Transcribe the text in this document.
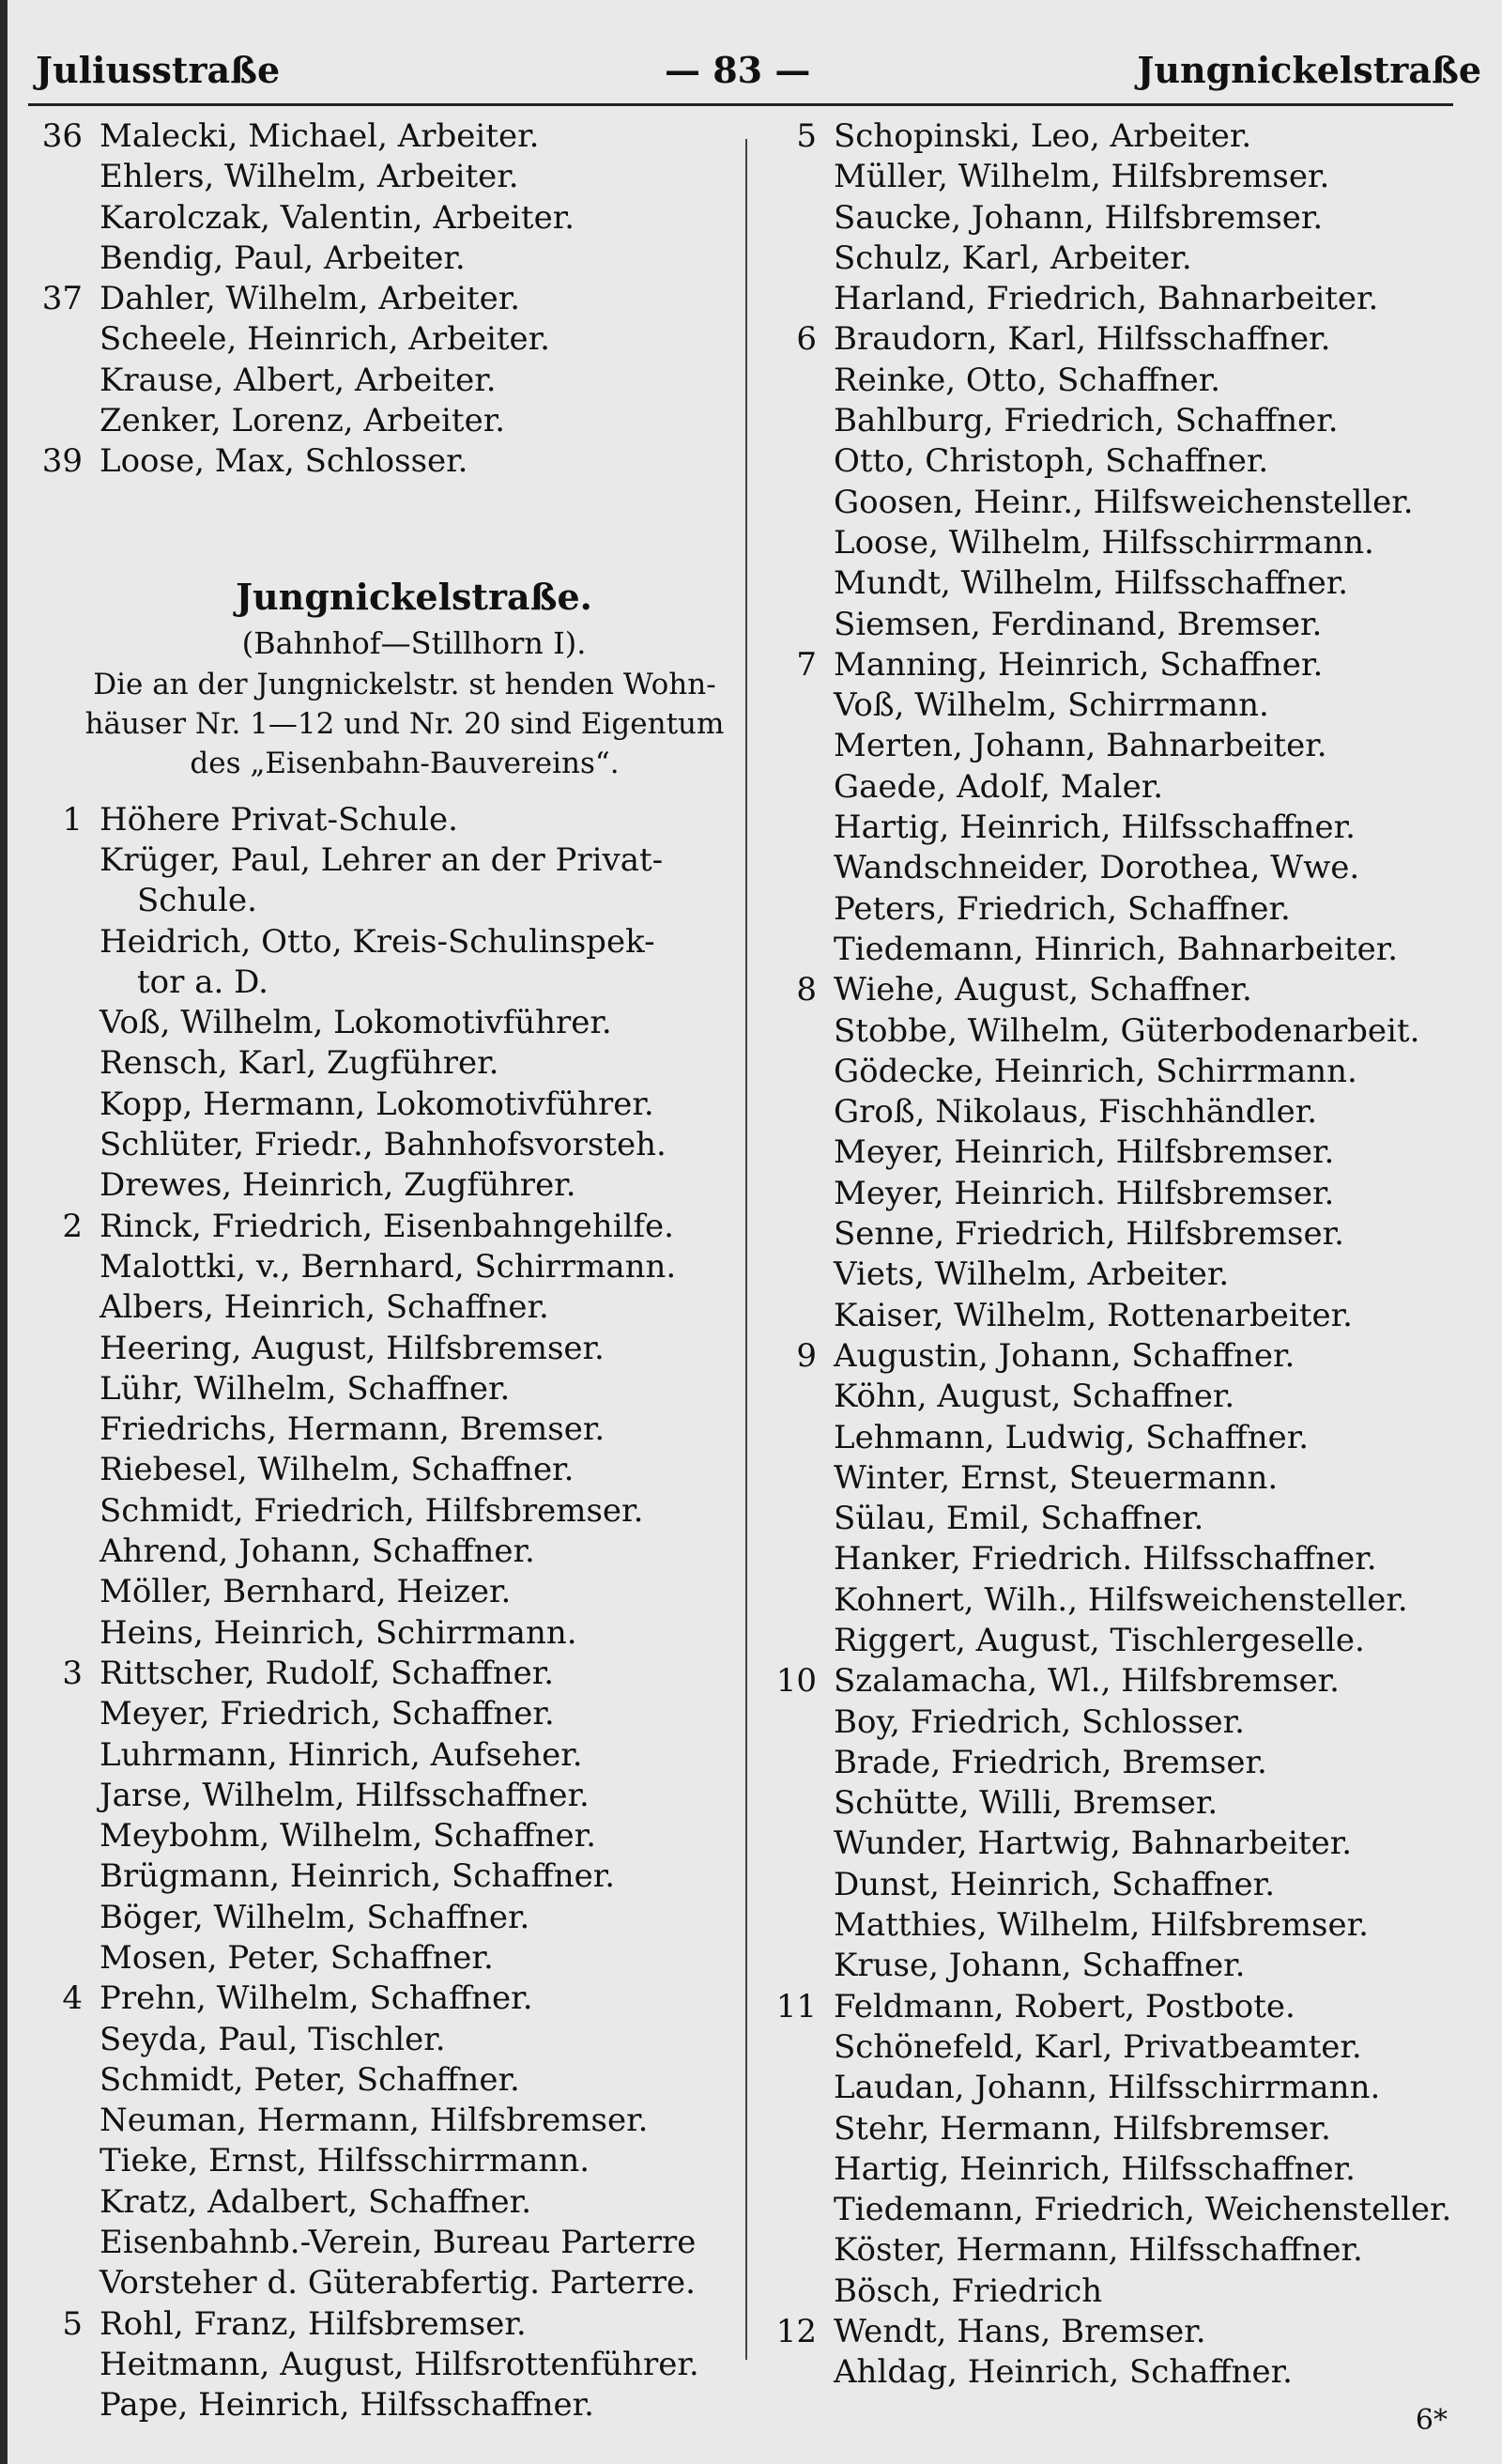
Juliusstraße	— 83 —	Jungnickelstraße
36 Malecki, Michael, Arbeiter.
Ehlers, Wilhelm, Arbeiter.
Karolczak, Valentin, Arbeiter.
Bendig, Paul, Arbeiter.
37 Dahler, Wilhelm, Arbeiter.
Scheele, Heinrich, Arbeiter.
Krause, Albert, Arbeiter.
Zenker, Lorenz, Arbeiter.
39 Loose, Max, Schlosser.
Jungnickelstraße.
(Bahnhof—Stillhorn I).
Die an der Jungnickelstr. st henden Wohn-
häuser Nr. 1—12 und Nr. 20 sind Eigentum
des „Eisenbahn-Bauvereins“.
1 Höhere Privat-Schule.
Krüger, Paul, Lehrer an der Privat-
Schule.
Heidrich, Otto, Kreis-Schulinspek-
tor a. D.
Voß, Wilhelm, Lokomotivführer.
Rensch, Karl, Zugführer.
Kopp, Hermann, Lokomotivführer.
Schlüter, Friedr., Bahnhofsvorsteh.
Drewes, Heinrich, Zugführer.
2 Rinck, Friedrich, Eisenbahngehilfe.
Malottki, v., Bernhard, Schirrmann.
Albers, Heinrich, Schaffner.
Heering, August, Hilfsbremser.
Lühr, Wilhelm, Schaffner.
Friedrichs, Hermann, Bremser.
Riebesel, Wilhelm, Schaffner.
Schmidt, Friedrich, Hilfsbremser.
Ahrend, Johann, Schaffner.
Möller, Bernhard, Heizer.
Heins, Heinrich, Schirrmann.
3 Rittscher, Rudolf, Schaffner.
Meyer, Friedrich, Schaffner.
Luhrmann, Hinrich, Aufseher.
Jarse, Wilhelm, Hilfsschaffner.
Meybohm, Wilhelm, Schaffner.
Brügmann, Heinrich, Schaffner.
Böger, Wilhelm, Schaffner.
Mosen, Peter, Schaffner.
4 Prehn, Wilhelm, Schaffner.
Seyda, Paul, Tischler.
Schmidt, Peter, Schaffner.
Neuman, Hermann, Hilfsbremser.
Tieke, Ernst, Hilfsschirrmann.
Kratz, Adalbert, Schaffner.
Eisenbahnb.-Verein, Bureau Parterre
Vorsteher d. Güterabfertig. Parterre.
5 Rohl, Franz, Hilfsbremser.
Heitmann, August, Hilfsrottenführer.
Pape, Heinrich, Hilfsschaffner.
5 Schopinski, Leo, Arbeiter.
Müller, Wilhelm, Hilfsbremser.
Saucke, Johann, Hilfsbremser.
Schulz, Karl, Arbeiter.
Harland, Friedrich, Bahnarbeiter.
6 Braudorn, Karl, Hilfsschaffner.
Reinke, Otto, Schaffner.
Bahlburg, Friedrich, Schaffner.
Otto, Christoph, Schaffner.
Goosen, Heinr., Hilfsweichensteller.
Loose, Wilhelm, Hilfsschirrmann.
Mundt, Wilhelm, Hilfsschaffner.
Siemsen, Ferdinand, Bremser.
7 Manning, Heinrich, Schaffner.
Voß, Wilhelm, Schirrmann.
Merten, Johann, Bahnarbeiter.
Gaede, Adolf, Maler.
Hartig, Heinrich, Hilfsschaffner.
Wandschneider, Dorothea, Wwe.
Peters, Friedrich, Schaffner.
Tiedemann, Hinrich, Bahnarbeiter.
8 Wiehe, August, Schaffner.
Stobbe, Wilhelm, Güterbodenarbeit.
Gödecke, Heinrich, Schirrmann.
Groß, Nikolaus, Fischhändler.
Meyer, Heinrich, Hilfsbremser.
Meyer, Heinrich. Hilfsbremser.
Senne, Friedrich, Hilfsbremser.
Viets, Wilhelm, Arbeiter.
Kaiser, Wilhelm, Rottenarbeiter.
9 Augustin, Johann, Schaffner.
Köhn, August, Schaffner.
Lehmann, Ludwig, Schaffner.
Winter, Ernst, Steuermann.
Sülau, Emil, Schaffner.
Hanker, Friedrich. Hilfsschaffner.
Kohnert, Wilh., Hilfsweichensteller.
Riggert, August, Tischlergeselle.
10 Szalamacha, Wl., Hilfsbremser.
Boy, Friedrich, Schlosser.
Brade, Friedrich, Bremser.
Schütte, Willi, Bremser.
Wunder, Hartwig, Bahnarbeiter.
Dunst, Heinrich, Schaffner.
Matthies, Wilhelm, Hilfsbremser.
Kruse, Johann, Schaffner.
11 Feldmann, Robert, Postbote.
Schönefeld, Karl, Privatbeamter.
Laudan, Johann, Hilfsschirrmann.
Stehr, Hermann, Hilfsbremser.
Hartig, Heinrich, Hilfsschaffner.
Tiedemann, Friedrich, Weichensteller.
Köster, Hermann, Hilfsschaffner.
Bösch, Friedrich
12 Wendt, Hans, Bremser.
Ahldag, Heinrich, Schaffner.
6*
